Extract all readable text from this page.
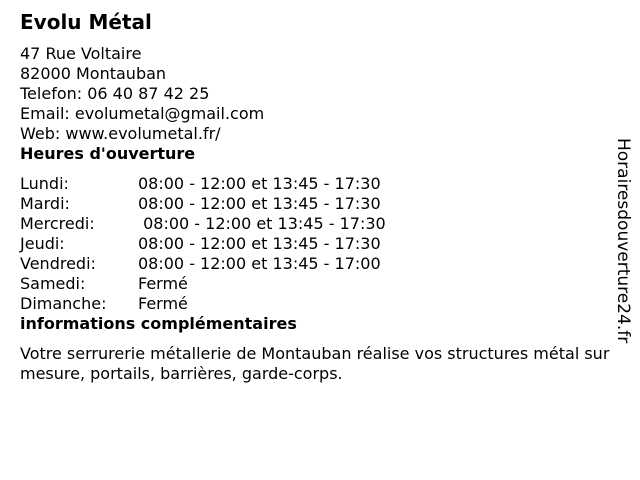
Evolu Métal
47 Rue Voltaire
82000 Montauban
Telefon: 06 40 87 42 25
Email: evolumetal@gmail.com
Web: www.evolumetal.fr/
Heures d'ouverture
Lundi:	08:00 - 12:00 et 13:45 - 17:30
Mardi:	08:00 - 12:00 et 13:45 - 17:30
Mercredi:	08:00 - 12:00 et 13:45 - 17:30
Jeudi:	08:00 - 12:00 et 13:45 - 17:30
Vendredi:	08:00 - 12:00 et 13:45 - 17:00
Samedi:	Fermé
Dimanche:	Fermé
informations complémentaires
Votre serrurerie métallerie de Montauban réalise vos structures métal sur mesure, portails, barrières, garde-corps.
Horairesdouverture24.fr
